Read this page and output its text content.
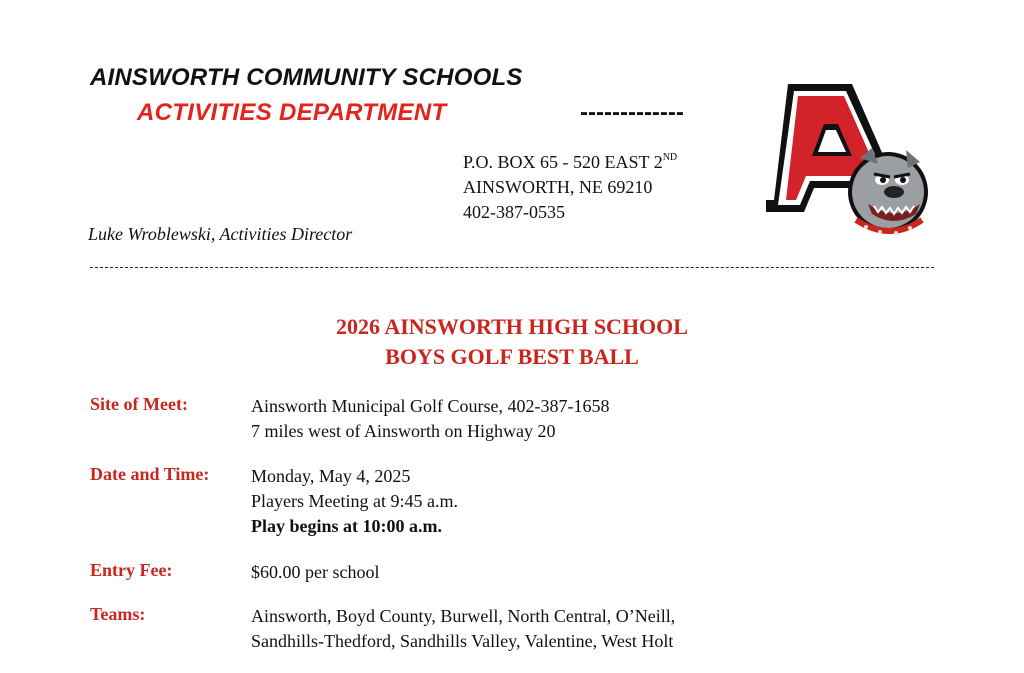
AINSWORTH COMMUNITY SCHOOLS
ACTIVITIES DEPARTMENT	-------------
P.O. BOX 65 - 520 EAST 2ND
AINSWORTH, NE 69210
402-387-0535
Luke Wroblewski, Activities Director
2026 AINSWORTH HIGH SCHOOL
BOYS GOLF BEST BALL
Site of Meet:	Ainsworth Municipal Golf Course, 402-387-1658
7 miles west of Ainsworth on Highway 20
Date and Time: Monday, May 4, 2025
Players Meeting at 9:45 a.m.
Play begins at 10:00 a.m.
Entry Fee:	$60.00 per school
Teams:	Ainsworth, Boyd County, Burwell, North Central, O’Neill,
Sandhills-Thedford, Sandhills Valley, Valentine, West Holt
